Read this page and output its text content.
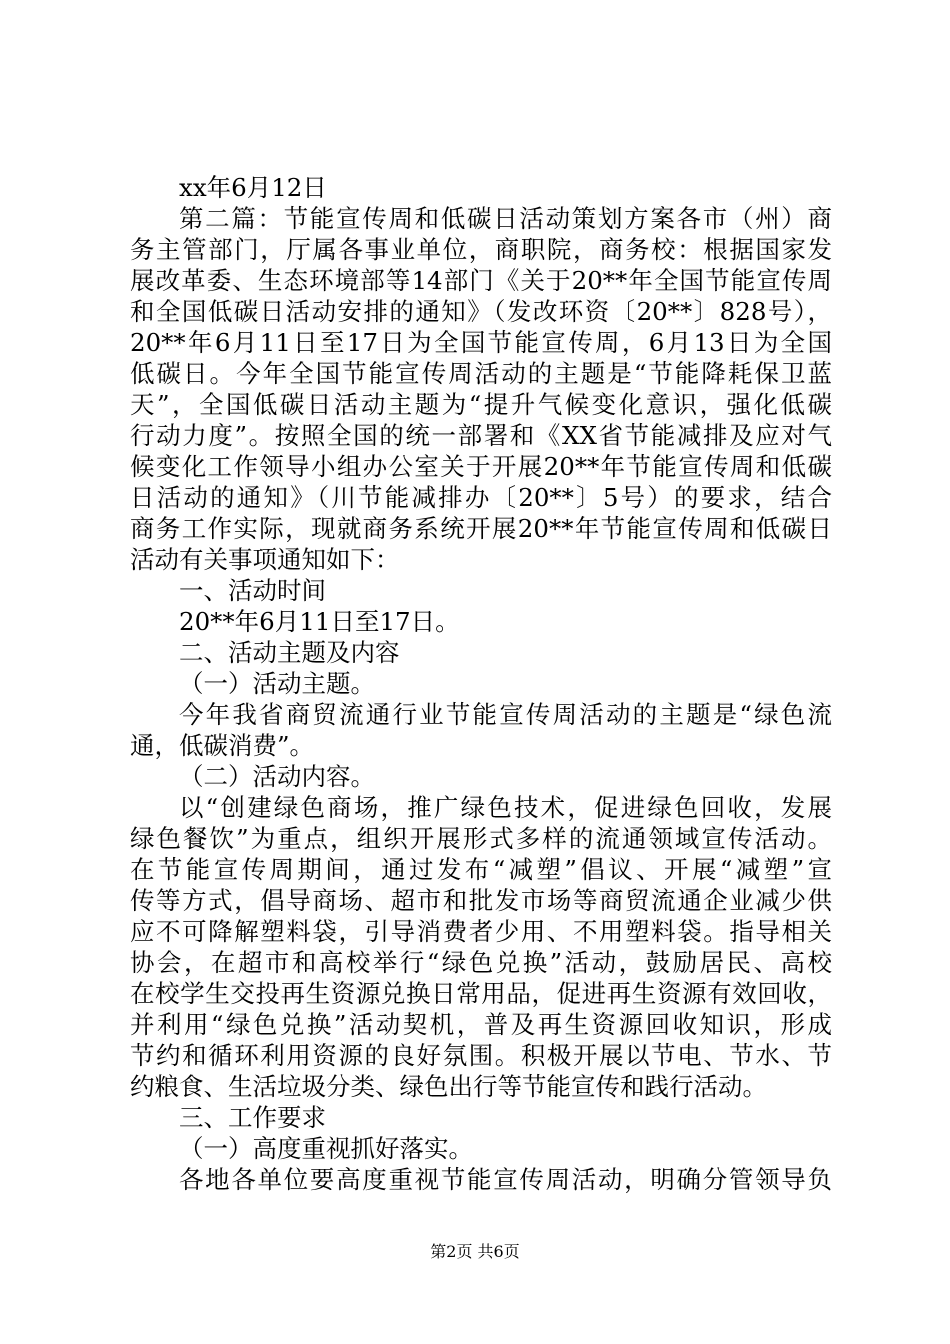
xx年6月12日
第二篇：节能宣传周和低碳日活动策划方案各市（州）商
务主管部门，厅属各事业单位，商职院，商务校：根据国家发
展改革委、生态环境部等14部门《关于20**年全国节能宣传周
和全国低碳日活动安排的通知》（发改环资〔20**〕828号），
20**年6月11日至17日为全国节能宣传周，6月13日为全国
低碳日。今年全国节能宣传周活动的主题是“节能降耗保卫蓝
天”，全国低碳日活动主题为“提升气候变化意识，强化低碳
行动力度”。按照全国的统一部署和《XX省节能减排及应对气
候变化工作领导小组办公室关于开展20**年节能宣传周和低碳
日活动的通知》（川节能减排办〔20**〕5号）的要求，结合
商务工作实际，现就商务系统开展20**年节能宣传周和低碳日
活动有关事项通知如下：
一、活动时间
20**年6月11日至17日。
二、活动主题及内容
（一）活动主题。
今年我省商贸流通行业节能宣传周活动的主题是“绿色流
通，低碳消费”。
（二）活动内容。
以“创建绿色商场，推广绿色技术，促进绿色回收，发展
绿色餐饮”为重点，组织开展形式多样的流通领域宣传活动。
在节能宣传周期间，通过发布“减塑”倡议、开展“减塑”宣
传等方式，倡导商场、超市和批发市场等商贸流通企业减少供
应不可降解塑料袋，引导消费者少用、不用塑料袋。指导相关
协会，在超市和高校举行“绿色兑换”活动，鼓励居民、高校
在校学生交投再生资源兑换日常用品，促进再生资源有效回收，
并利用“绿色兑换”活动契机，普及再生资源回收知识，形成
节约和循环利用资源的良好氛围。积极开展以节电、节水、节
约粮食、生活垃圾分类、绿色出行等节能宣传和践行活动。
三、工作要求
（一）高度重视抓好落实。
各地各单位要高度重视节能宣传周活动，明确分管领导负
第2页 共6页
